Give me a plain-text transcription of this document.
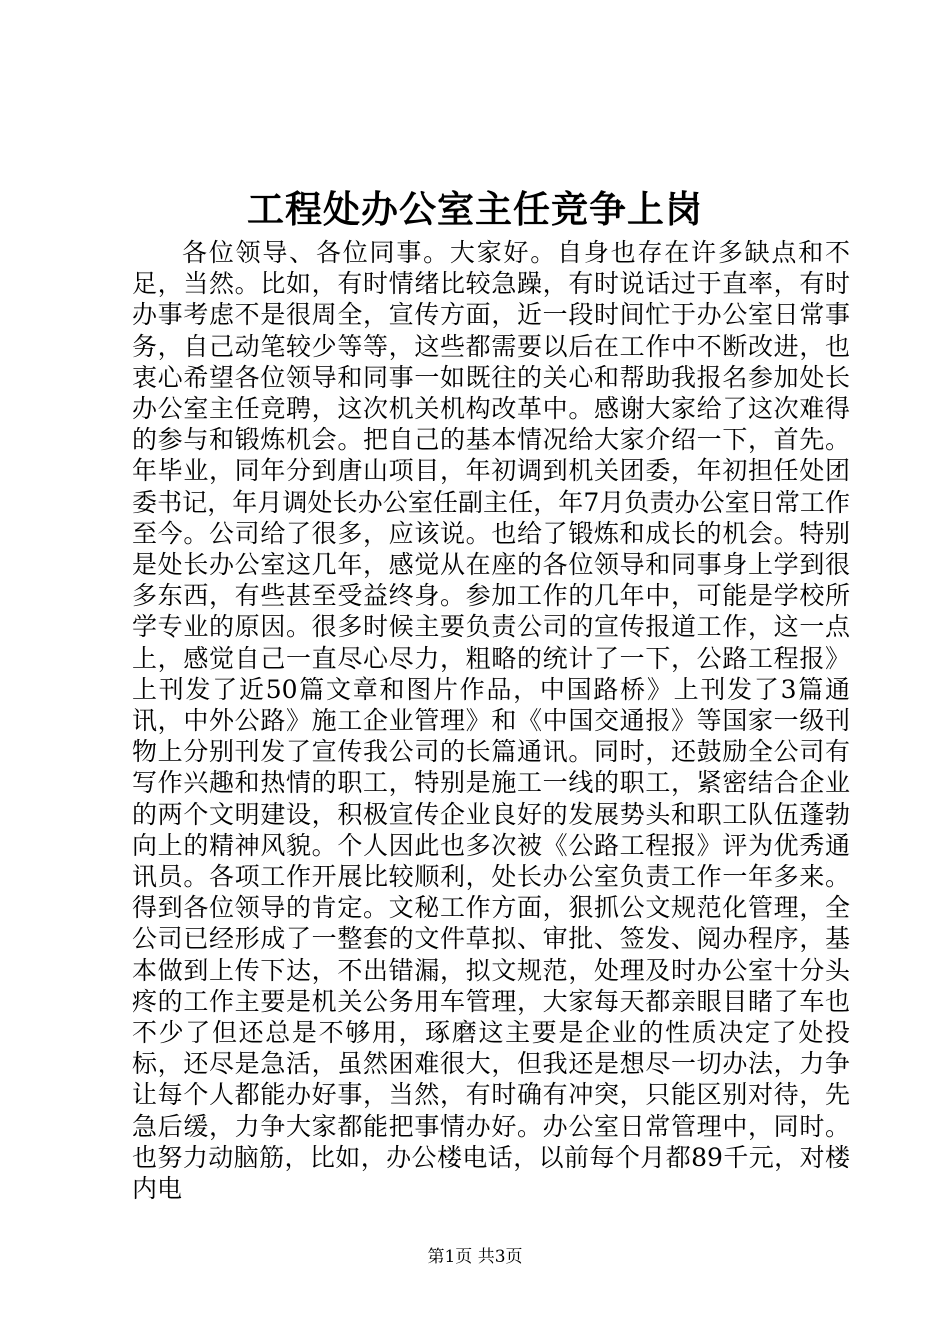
工程处办公室主任竞争上岗

各位领导、各位同事。大家好。自身也存在许多缺点和不足，当然。比如，有时情绪比较急躁，有时说话过于直率，有时办事考虑不是很周全，宣传方面，近一段时间忙于办公室日常事务，自己动笔较少等等，这些都需要以后在工作中不断改进，也衷心希望各位领导和同事一如既往的关心和帮助我报名参加处长办公室主任竞聘，这次机关机构改革中。感谢大家给了这次难得的参与和锻炼机会。把自己的基本情况给大家介绍一下，首先。年毕业，同年分到唐山项目，年初调到机关团委，年初担任处团委书记，年月调处长办公室任副主任，年7月负责办公室日常工作至今。公司给了很多，应该说。也给了锻炼和成长的机会。特别是处长办公室这几年，感觉从在座的各位领导和同事身上学到很多东西，有些甚至受益终身。参加工作的几年中，可能是学校所学专业的原因。很多时候主要负责公司的宣传报道工作，这一点上，感觉自己一直尽心尽力，粗略的统计了一下，公路工程报》上刊发了近50篇文章和图片作品，中国路桥》上刊发了3篇通讯，中外公路》施工企业管理》和《中国交通报》等国家一级刊物上分别刊发了宣传我公司的长篇通讯。同时，还鼓励全公司有写作兴趣和热情的职工，特别是施工一线的职工，紧密结合企业的两个文明建设，积极宣传企业良好的发展势头和职工队伍蓬勃向上的精神风貌。个人因此也多次被《公路工程报》评为优秀通讯员。各项工作开展比较顺利，处长办公室负责工作一年多来。得到各位领导的肯定。文秘工作方面，狠抓公文规范化管理，全公司已经形成了一整套的文件草拟、审批、签发、阅办程序，基本做到上传下达，不出错漏，拟文规范，处理及时办公室十分头疼的工作主要是机关公务用车管理，大家每天都亲眼目睹了车也不少了但还总是不够用，琢磨这主要是企业的性质决定了处投标，还尽是急活，虽然困难很大，但我还是想尽一切办法，力争让每个人都能办好事，当然，有时确有冲突，只能区别对待，先急后缓，力争大家都能把事情办好。办公室日常管理中，同时。也努力动脑筋，比如，办公楼电话，以前每个月都89千元，对楼内电

第1页 共3页
